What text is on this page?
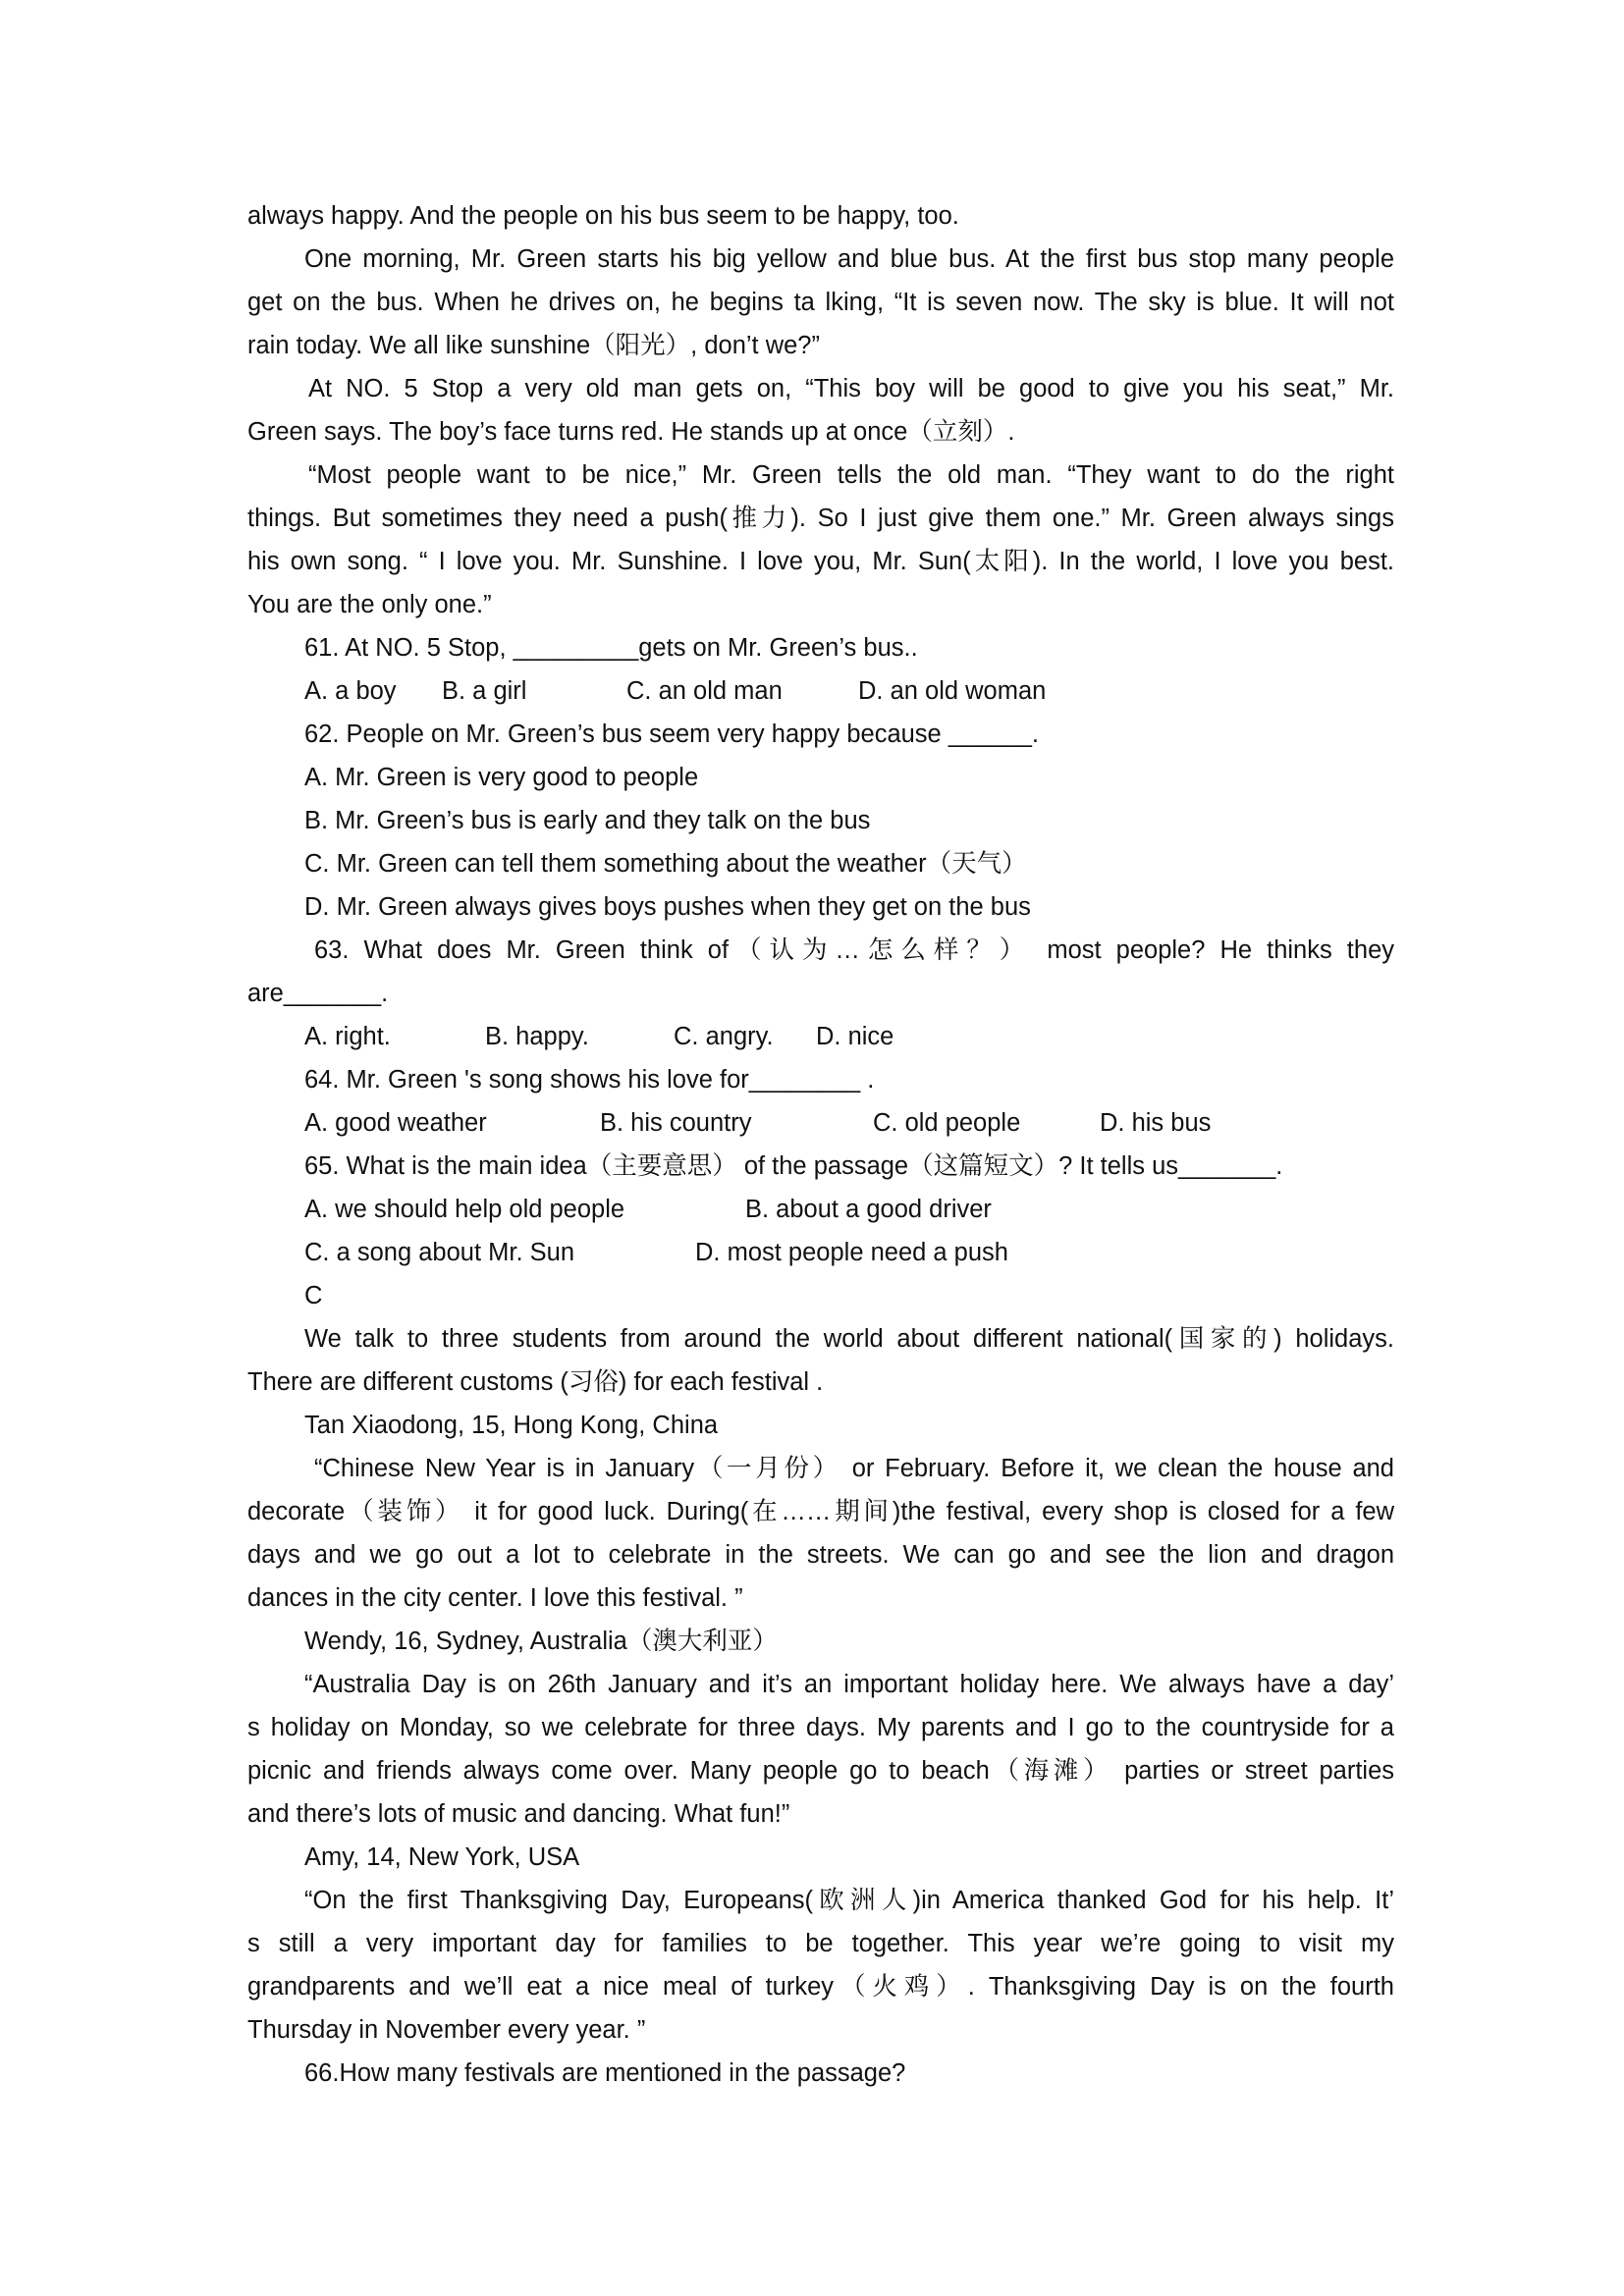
always happy. And the people on his bus seem to be happy, too.
One morning, Mr. Green starts his big yellow and blue bus. At the first bus stop many people
get on the bus. When he drives on, he begins ta lking, “It is seven now. The sky is blue. It will not
rain today. We all like sunshine（阳光）, don’t we?”
At NO. 5 Stop a very old man gets on, “This boy will be good to give you his seat,” Mr.
Green says. The boy’s face turns red. He stands up at once（立刻）.
“Most people want to be nice,” Mr. Green tells the old man. “They want to do the right
things. But sometimes they need a push(推力). So I just give them one.” Mr. Green always sings
his own song. “ I love you. Mr. Sunshine. I love you, Mr. Sun(太阳). In the world, I love you best.
You are the only one.”
61. At NO. 5 Stop, _________gets on Mr. Green’s bus..
A. a boy B. a girl	C. an old man	D. an old woman
62. People on Mr. Green’s bus seem very happy because ______.
A. Mr. Green is very good to people
B. Mr. Green’s bus is early and they talk on the bus
C. Mr. Green can tell them something about the weather（天气）
D. Mr. Green always gives boys pushes when they get on the bus
63. What does Mr. Green think of（认为…怎么样？） most people? He thinks they
are_______.
A. right.	B. happy.	C. angry. D. nice
64. Mr. Green 's song shows his love for________ .
A. good weather	B. his country	C. old people	D. his bus
65. What is the main idea（主要意思） of the passage（这篇短文）? It tells us_______.
A. we should help old people	B. about a good driver
C. a song about Mr. Sun	D. most people need a push
C
We talk to three students from around the world about different national(国家的) holidays.
There are different customs (习俗) for each festival .
Tan Xiaodong, 15, Hong Kong, China
“Chinese New Year is in January（一月份） or February. Before it, we clean the house and
decorate（装饰） it for good luck. During(在……期间)the festival, every shop is closed for a few
days and we go out a lot to celebrate in the streets. We can go and see the lion and dragon
dances in the city center. I love this festival. ”
Wendy, 16, Sydney, Australia（澳大利亚）
“Australia Day is on 26th January and it’s an important holiday here. We always have a day’
s holiday on Monday, so we celebrate for three days. My parents and I go to the countryside for a
picnic and friends always come over. Many people go to beach（海滩） parties or street parties
and there’s lots of music and dancing. What fun!”
Amy, 14, New York, USA
“On the first Thanksgiving Day, Europeans(欧洲人)in America thanked God for his help. It’
s still a very important day for families to be together. This year we’re going to visit my
grandparents and we’ll eat a nice meal of turkey（火鸡）. Thanksgiving Day is on the fourth
Thursday in November every year. ”
66.How many festivals are mentioned in the passage?
